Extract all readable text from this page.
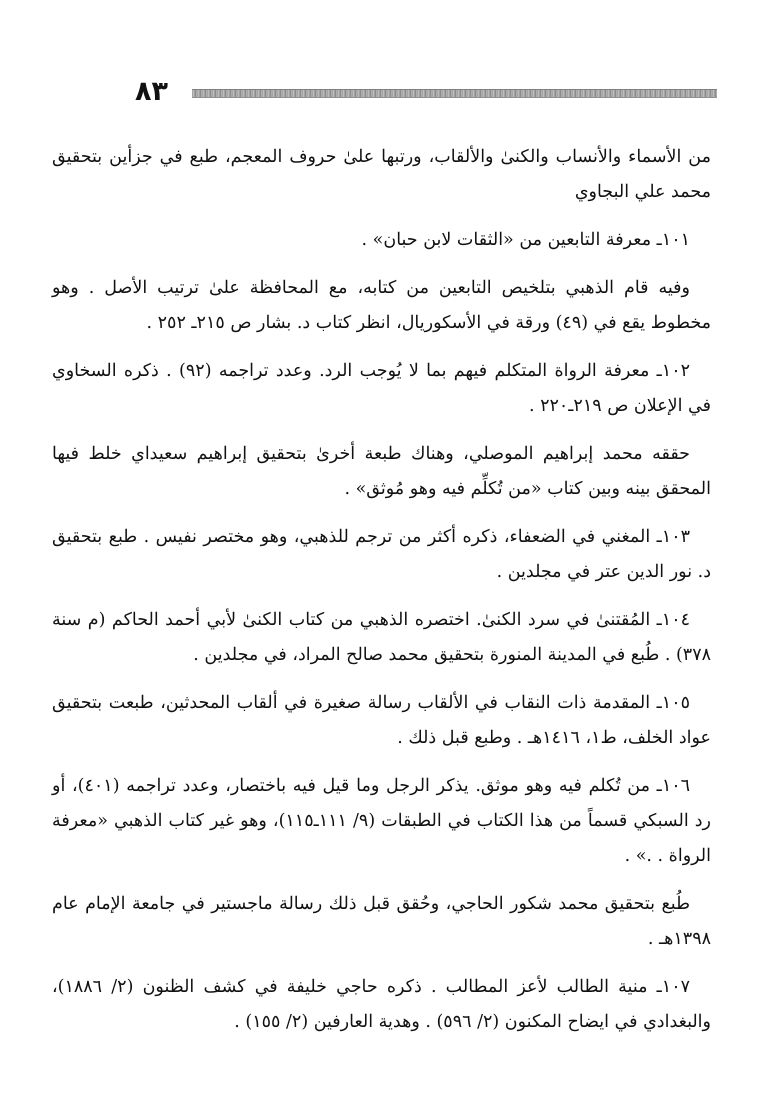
٨٣

من الأسماء والأنساب والكنىٰ والألقاب، ورتبها علىٰ حروف المعجم، طبع في جزأين بتحقيق محمد علي البجاوي

١٠١ـ معرفة التابعين من «الثقات لابن حبان» .

وفيه قام الذهبي بتلخيص التابعين من كتابه، مع المحافظة علىٰ ترتيب الأصل . وهو مخطوط يقع في (٤٩) ورقة في الأسكوريال، انظر كتاب د. بشار ص ٢١٥ـ ٢٥٢ .

١٠٢ـ معرفة الرواة المتكلم فيهم بما لا يُوجب الرد. وعدد تراجمه (٩٢) . ذكره السخاوي في الإعلان ص ٢١٩ـ٢٢٠ .

حققه محمد إبراهيم الموصلي، وهناك طبعة أخرىٰ بتحقيق إبراهيم سعيداي خلط فيها المحقق بينه وبين كتاب «من تُكلِّم فيه وهو مُوثق» .

١٠٣ـ المغني في الضعفاء، ذكره أكثر من ترجم للذهبي، وهو مختصر نفيس . طبع بتحقيق د. نور الدين عتر في مجلدين .

١٠٤ـ المُقتنىٰ في سرد الكنىٰ. اختصره الذهبي من كتاب الكنىٰ لأبي أحمد الحاكم (م سنة ٣٧٨) . طُبع في المدينة المنورة بتحقيق محمد صالح المراد، في مجلدين .

١٠٥ـ المقدمة ذات النقاب في الألقاب رسالة صغيرة في ألقاب المحدثين، طبعت بتحقيق عواد الخلف، ط١، ١٤١٦هـ . وطبع قبل ذلك .

١٠٦ـ من تُكلم فيه وهو موثق. يذكر الرجل وما قيل فيه باختصار، وعدد تراجمه (٤٠١)، أو رد السبكي قسماً من هذا الكتاب في الطبقات (٩/ ١١١ـ١١٥)، وهو غير كتاب الذهبي «معرفة الرواة . .» .

طُبع بتحقيق محمد شكور الحاجي، وحُقق قبل ذلك رسالة ماجستير في جامعة الإمام عام ١٣٩٨هـ .

١٠٧ـ منية الطالب لأعز المطالب . ذكره حاجي خليفة في كشف الظنون (٢/ ١٨٨٦)، والبغدادي في ايضاح المكنون (٢/ ٥٩٦) . وهدية العارفين (٢/ ١٥٥) .
